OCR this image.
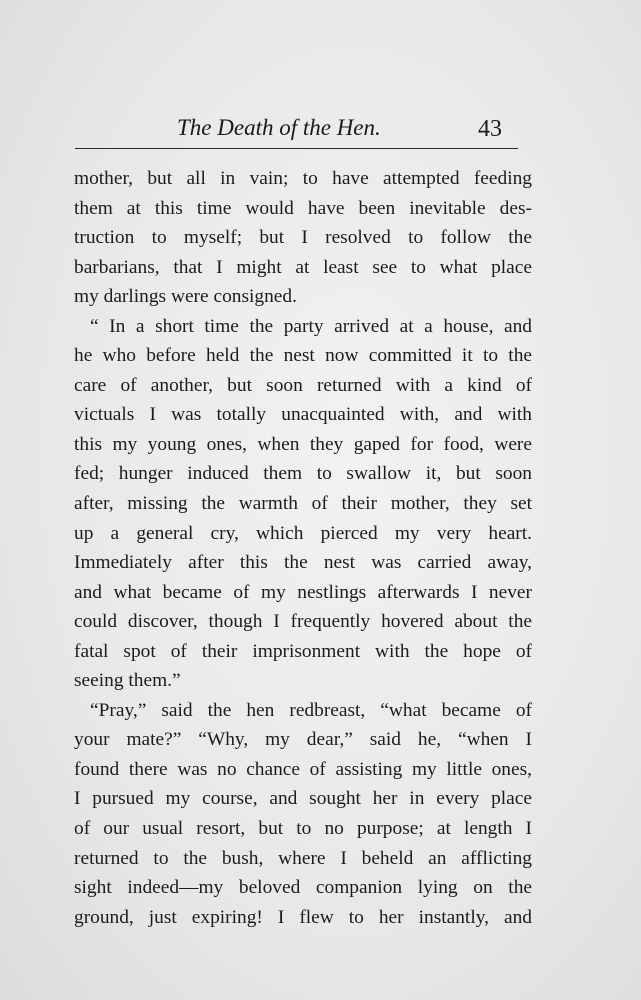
The Death of the Hen.	43
mother, but all in vain; to have attempted feeding
them at this time would have been inevitable des-
truction to myself; but I resolved to follow the
barbarians, that I might at least see to what place
my darlings were consigned.
“ In a short time the party arrived at a house, and
he who before held the nest now committed it to the
care of another, but soon returned with a kind of
victuals I was totally unacquainted with, and with
this my young ones, when they gaped for food, were
fed; hunger induced them to swallow it, but soon
after, missing the warmth of their mother, they set
up a general cry, which pierced my very heart.
Immediately after this the nest was carried away,
and what became of my nestlings afterwards I never
could discover, though I frequently hovered about the
fatal spot of their imprisonment with the hope of
seeing them.”
“Pray,” said the hen redbreast, “what became of
your mate?” “Why, my dear,” said he, “when I
found there was no chance of assisting my little ones,
I pursued my course, and sought her in every place
of our usual resort, but to no purpose; at length I
returned to the bush, where I beheld an afflicting
sight indeed—my beloved companion lying on the
ground, just expiring! I flew to her instantly, and
